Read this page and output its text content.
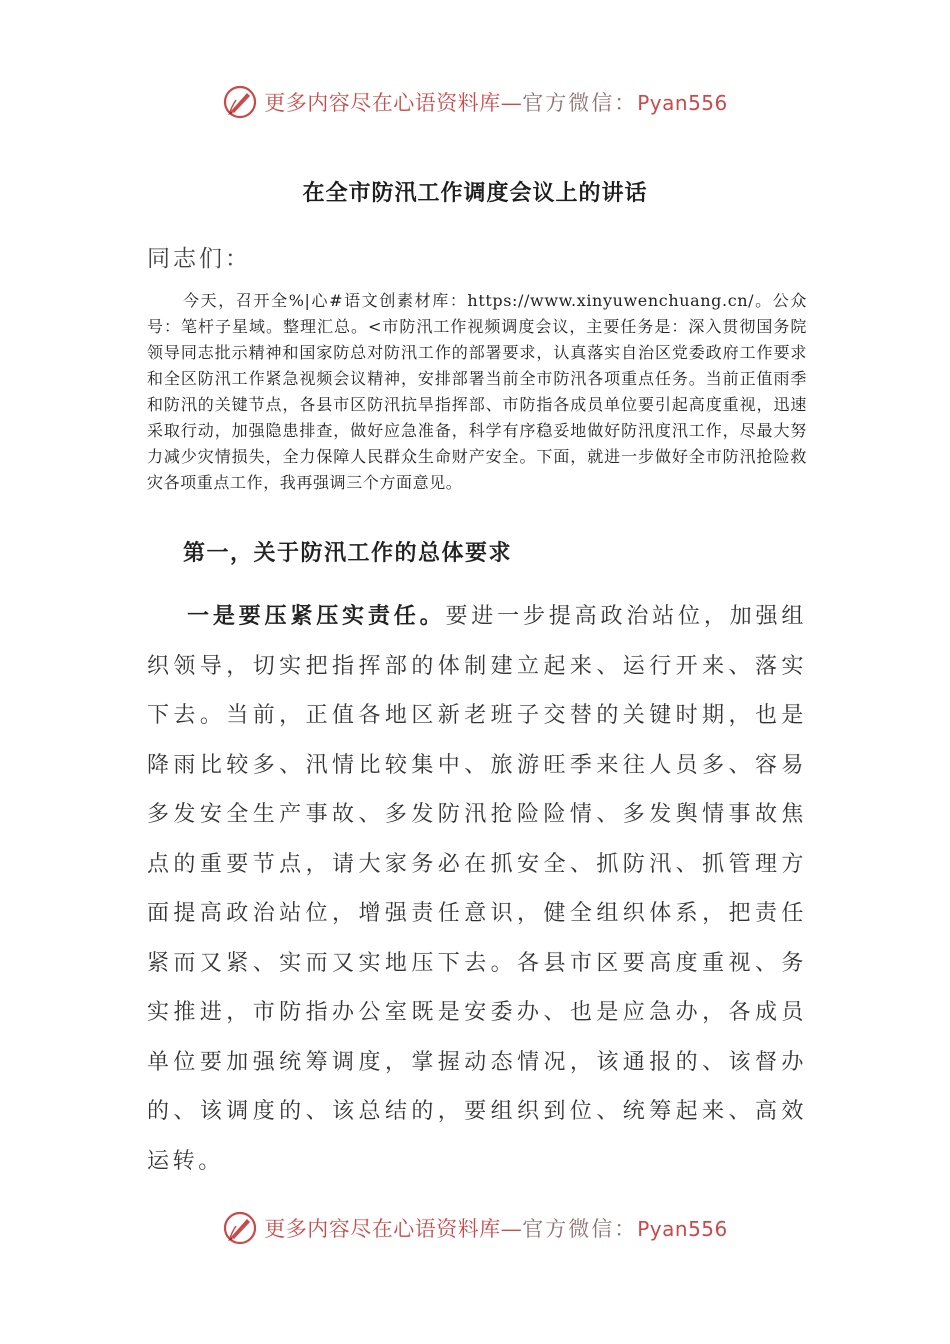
更多内容尽在心语资料库—官方微信：Pyan556
在全市防汛工作调度会议上的讲话
同志们：

今天，召开全%|心#语文创素材库：https://www.xinyuwenchuang.cn/。公众号：笔杆子星域。整理汇总。<市防汛工作视频调度会议，主要任务是：深入贯彻国务院领导同志批示精神和国家防总对防汛工作的部署要求，认真落实自治区党委政府工作要求和全区防汛工作紧急视频会议精神，安排部署当前全市防汛各项重点任务。当前正值雨季和防汛的关键节点，各县市区防汛抗旱指挥部、市防指各成员单位要引起高度重视，迅速采取行动，加强隐患排查，做好应急准备，科学有序稳妥地做好防汛度汛工作，尽最大努力减少灾情损失，全力保障人民群众生命财产安全。下面，就进一步做好全市防汛抢险救灾各项重点工作，我再强调三个方面意见。

第一，关于防汛工作的总体要求

一是要压紧压实责任。要进一步提高政治站位，加强组织领导，切实把指挥部的体制建立起来、运行开来、落实下去。当前，正值各地区新老班子交替的关键时期，也是降雨比较多、汛情比较集中、旅游旺季来往人员多、容易多发安全生产事故、多发防汛抢险险情、多发舆情事故焦点的重要节点，请大家务必在抓安全、抓防汛、抓管理方面提高政治站位，增强责任意识，健全组织体系，把责任紧而又紧、实而又实地压下去。各县市区要高度重视、务实推进，市防指办公室既是安委办、也是应急办，各成员单位要加强统筹调度，掌握动态情况，该通报的、该督办的、该调度的、该总结的，要组织到位、统筹起来、高效运转。

更多内容尽在心语资料库—官方微信：Pyan556
